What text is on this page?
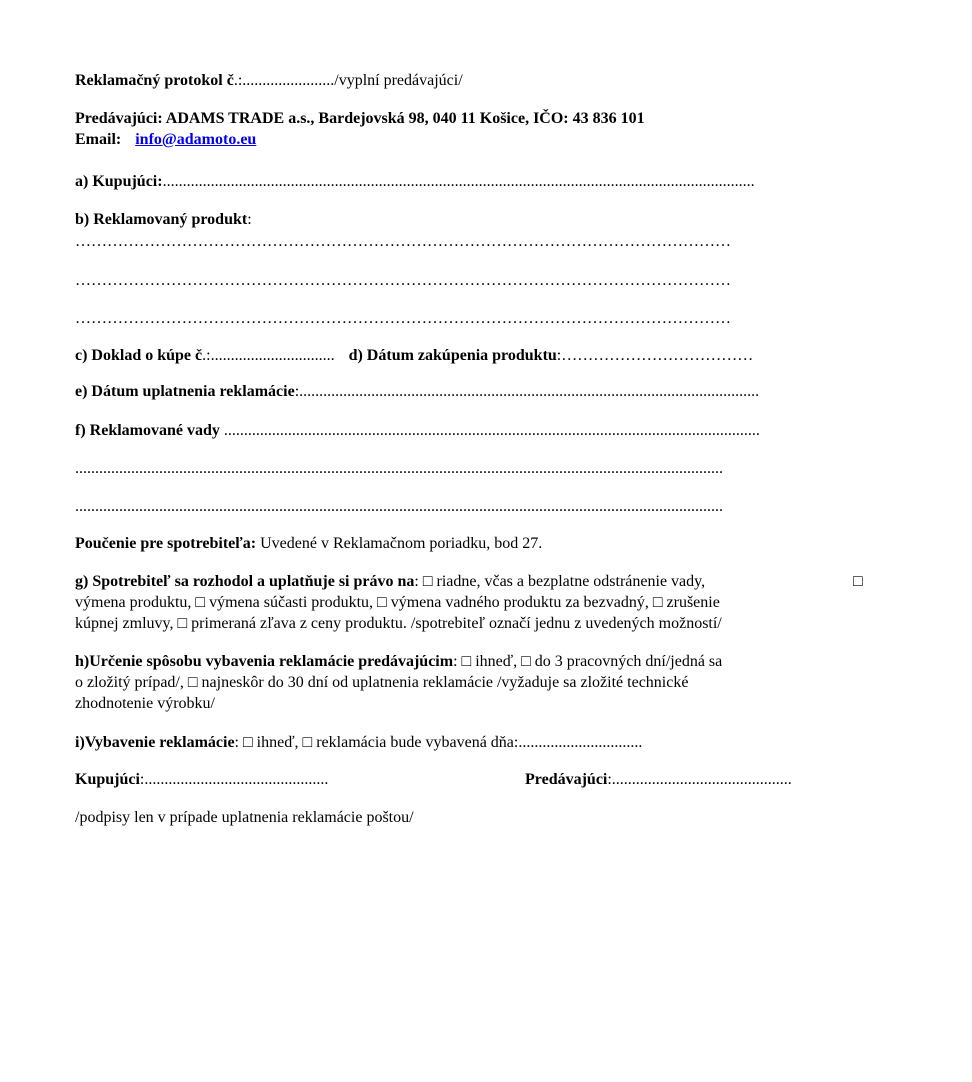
Reklamačný protokol č.:......................./vyplní predávajúci/
Predávajúci: ADAMS TRADE a.s., Bardejovská 98, 040 11 Košice, IČO: 43 836 101
Email: info@adamoto.eu
a) Kupujúci:....................................................................................................................................................
b) Reklamovaný produkt:
……………………………………………………………………………………………………………
……………………………………………………………………………………………………………
……………………………………………………………………………………………………………
c) Doklad o kúpe č.:............................... d) Dátum zakúpenia produktu:………………………………
e) Dátum uplatnenia reklamácie:...................................................................................................................
f) Reklamované vady ......................................................................................................................................
..................................................................................................................................................................
..................................................................................................................................................................
Poučenie pre spotrebiteľa: Uvedené v Reklamačnom poriadku, bod 27.
g) Spotrebiteľ sa rozhodol a uplatňuje si právo na: □ riadne, včas a bezplatne odstránenie vady,	□
výmena produktu, □ výmena súčasti produktu, □ výmena vadného produktu za bezvadný, □ zrušenie
kúpnej zmluvy, □ primeraná zľava z ceny produktu. /spotrebiteľ označí jednu z uvedených možností/
h)Určenie spôsobu vybavenia reklamácie predávajúcim: □ ihneď, □ do 3 pracovných dní/jedná sa
o zložitý prípad/, □ najneskôr do 30 dní od uplatnenia reklamácie /vyžaduje sa zložité technické
zhodnotenie výrobku/
i)Vybavenie reklamácie: □ ihneď, □ reklamácia bude vybavená dňa:...............................
Kupujúci:..............................................	Predávajúci:.............................................
/podpisy len v prípade uplatnenia reklamácie poštou/
